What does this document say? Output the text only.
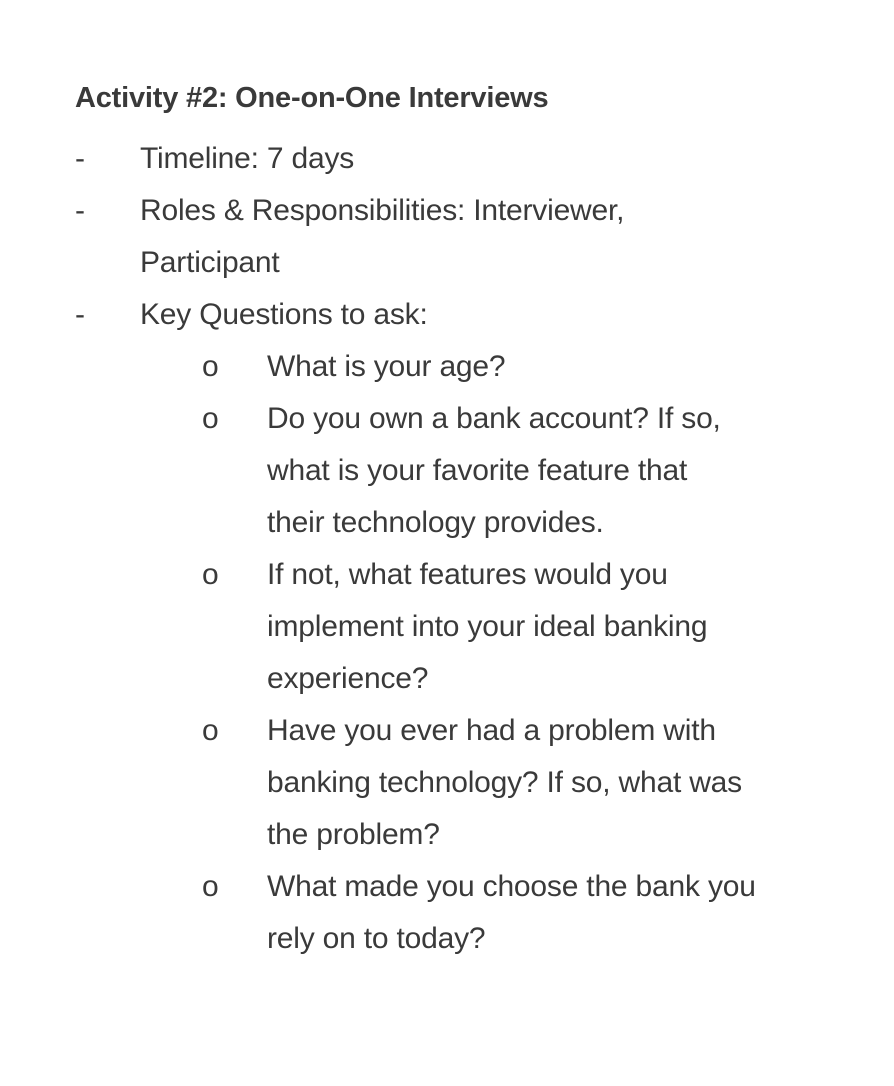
Activity #2: One-on-One Interviews
- Timeline: 7 days
- Roles & Responsibilities: Interviewer,
Participant
- Key Questions to ask:
o What is your age?
o Do you own a bank account? If so,
what is your favorite feature that
their technology provides.
o If not, what features would you
implement into your ideal banking
experience?
o Have you ever had a problem with
banking technology? If so, what was
the problem?
o What made you choose the bank you
rely on to today?
